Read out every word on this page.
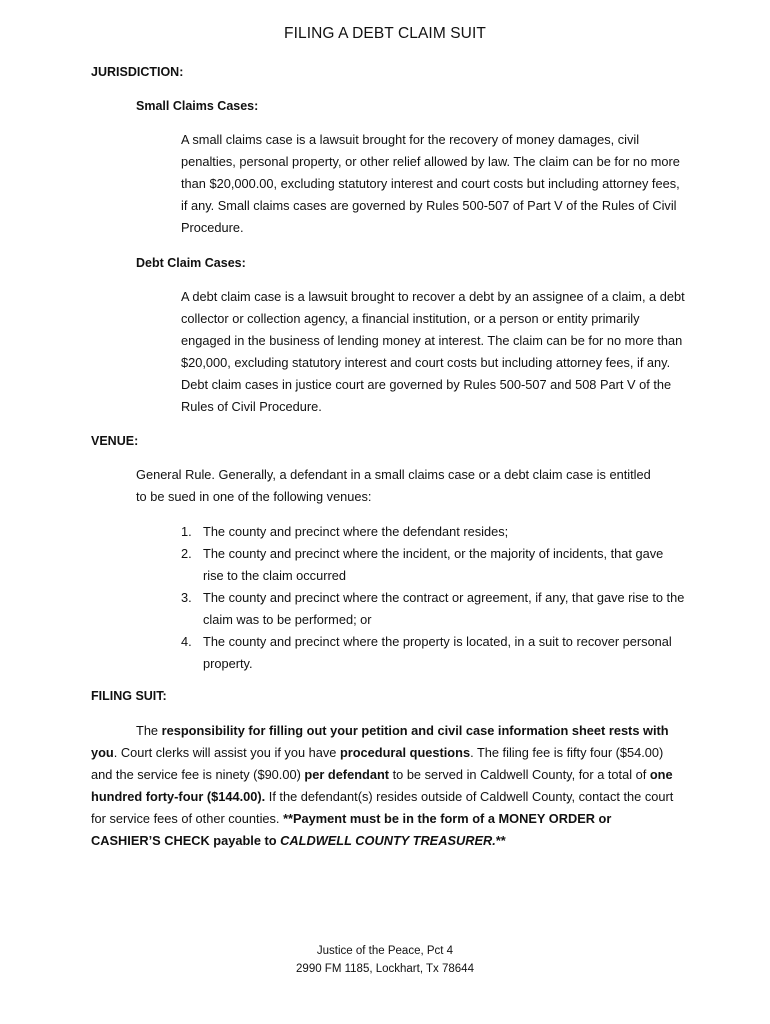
FILING A DEBT CLAIM SUIT
JURISDICTION:
Small Claims Cases:
A small claims case is a lawsuit brought for the recovery of money damages, civil penalties, personal property, or other relief allowed by law. The claim can be for no more than $20,000.00, excluding statutory interest and court costs but including attorney fees, if any. Small claims cases are governed by Rules 500-507 of Part V of the Rules of Civil Procedure.
Debt Claim Cases:
A debt claim case is a lawsuit brought to recover a debt by an assignee of a claim, a debt collector or collection agency, a financial institution, or a person or entity primarily engaged in the business of lending money at interest. The claim can be for no more than $20,000, excluding statutory interest and court costs but including attorney fees, if any. Debt claim cases in justice court are governed by Rules 500-507 and 508 Part V of the Rules of Civil Procedure.
VENUE:
General Rule. Generally, a defendant in a small claims case or a debt claim case is entitled to be sued in one of the following venues:
1. The county and precinct where the defendant resides;
2. The county and precinct where the incident, or the majority of incidents, that gave rise to the claim occurred
3. The county and precinct where the contract or agreement, if any, that gave rise to the claim was to be performed; or
4. The county and precinct where the property is located, in a suit to recover personal property.
FILING SUIT:
The responsibility for filling out your petition and civil case information sheet rests with you. Court clerks will assist you if you have procedural questions. The filing fee is fifty four ($54.00) and the service fee is ninety ($90.00) per defendant to be served in Caldwell County, for a total of one hundred forty-four ($144.00). If the defendant(s) resides outside of Caldwell County, contact the court for service fees of other counties. **Payment must be in the form of a MONEY ORDER or CASHIER’S CHECK payable to CALDWELL COUNTY TREASURER.**
Justice of the Peace, Pct 4
2990 FM 1185, Lockhart, Tx 78644
